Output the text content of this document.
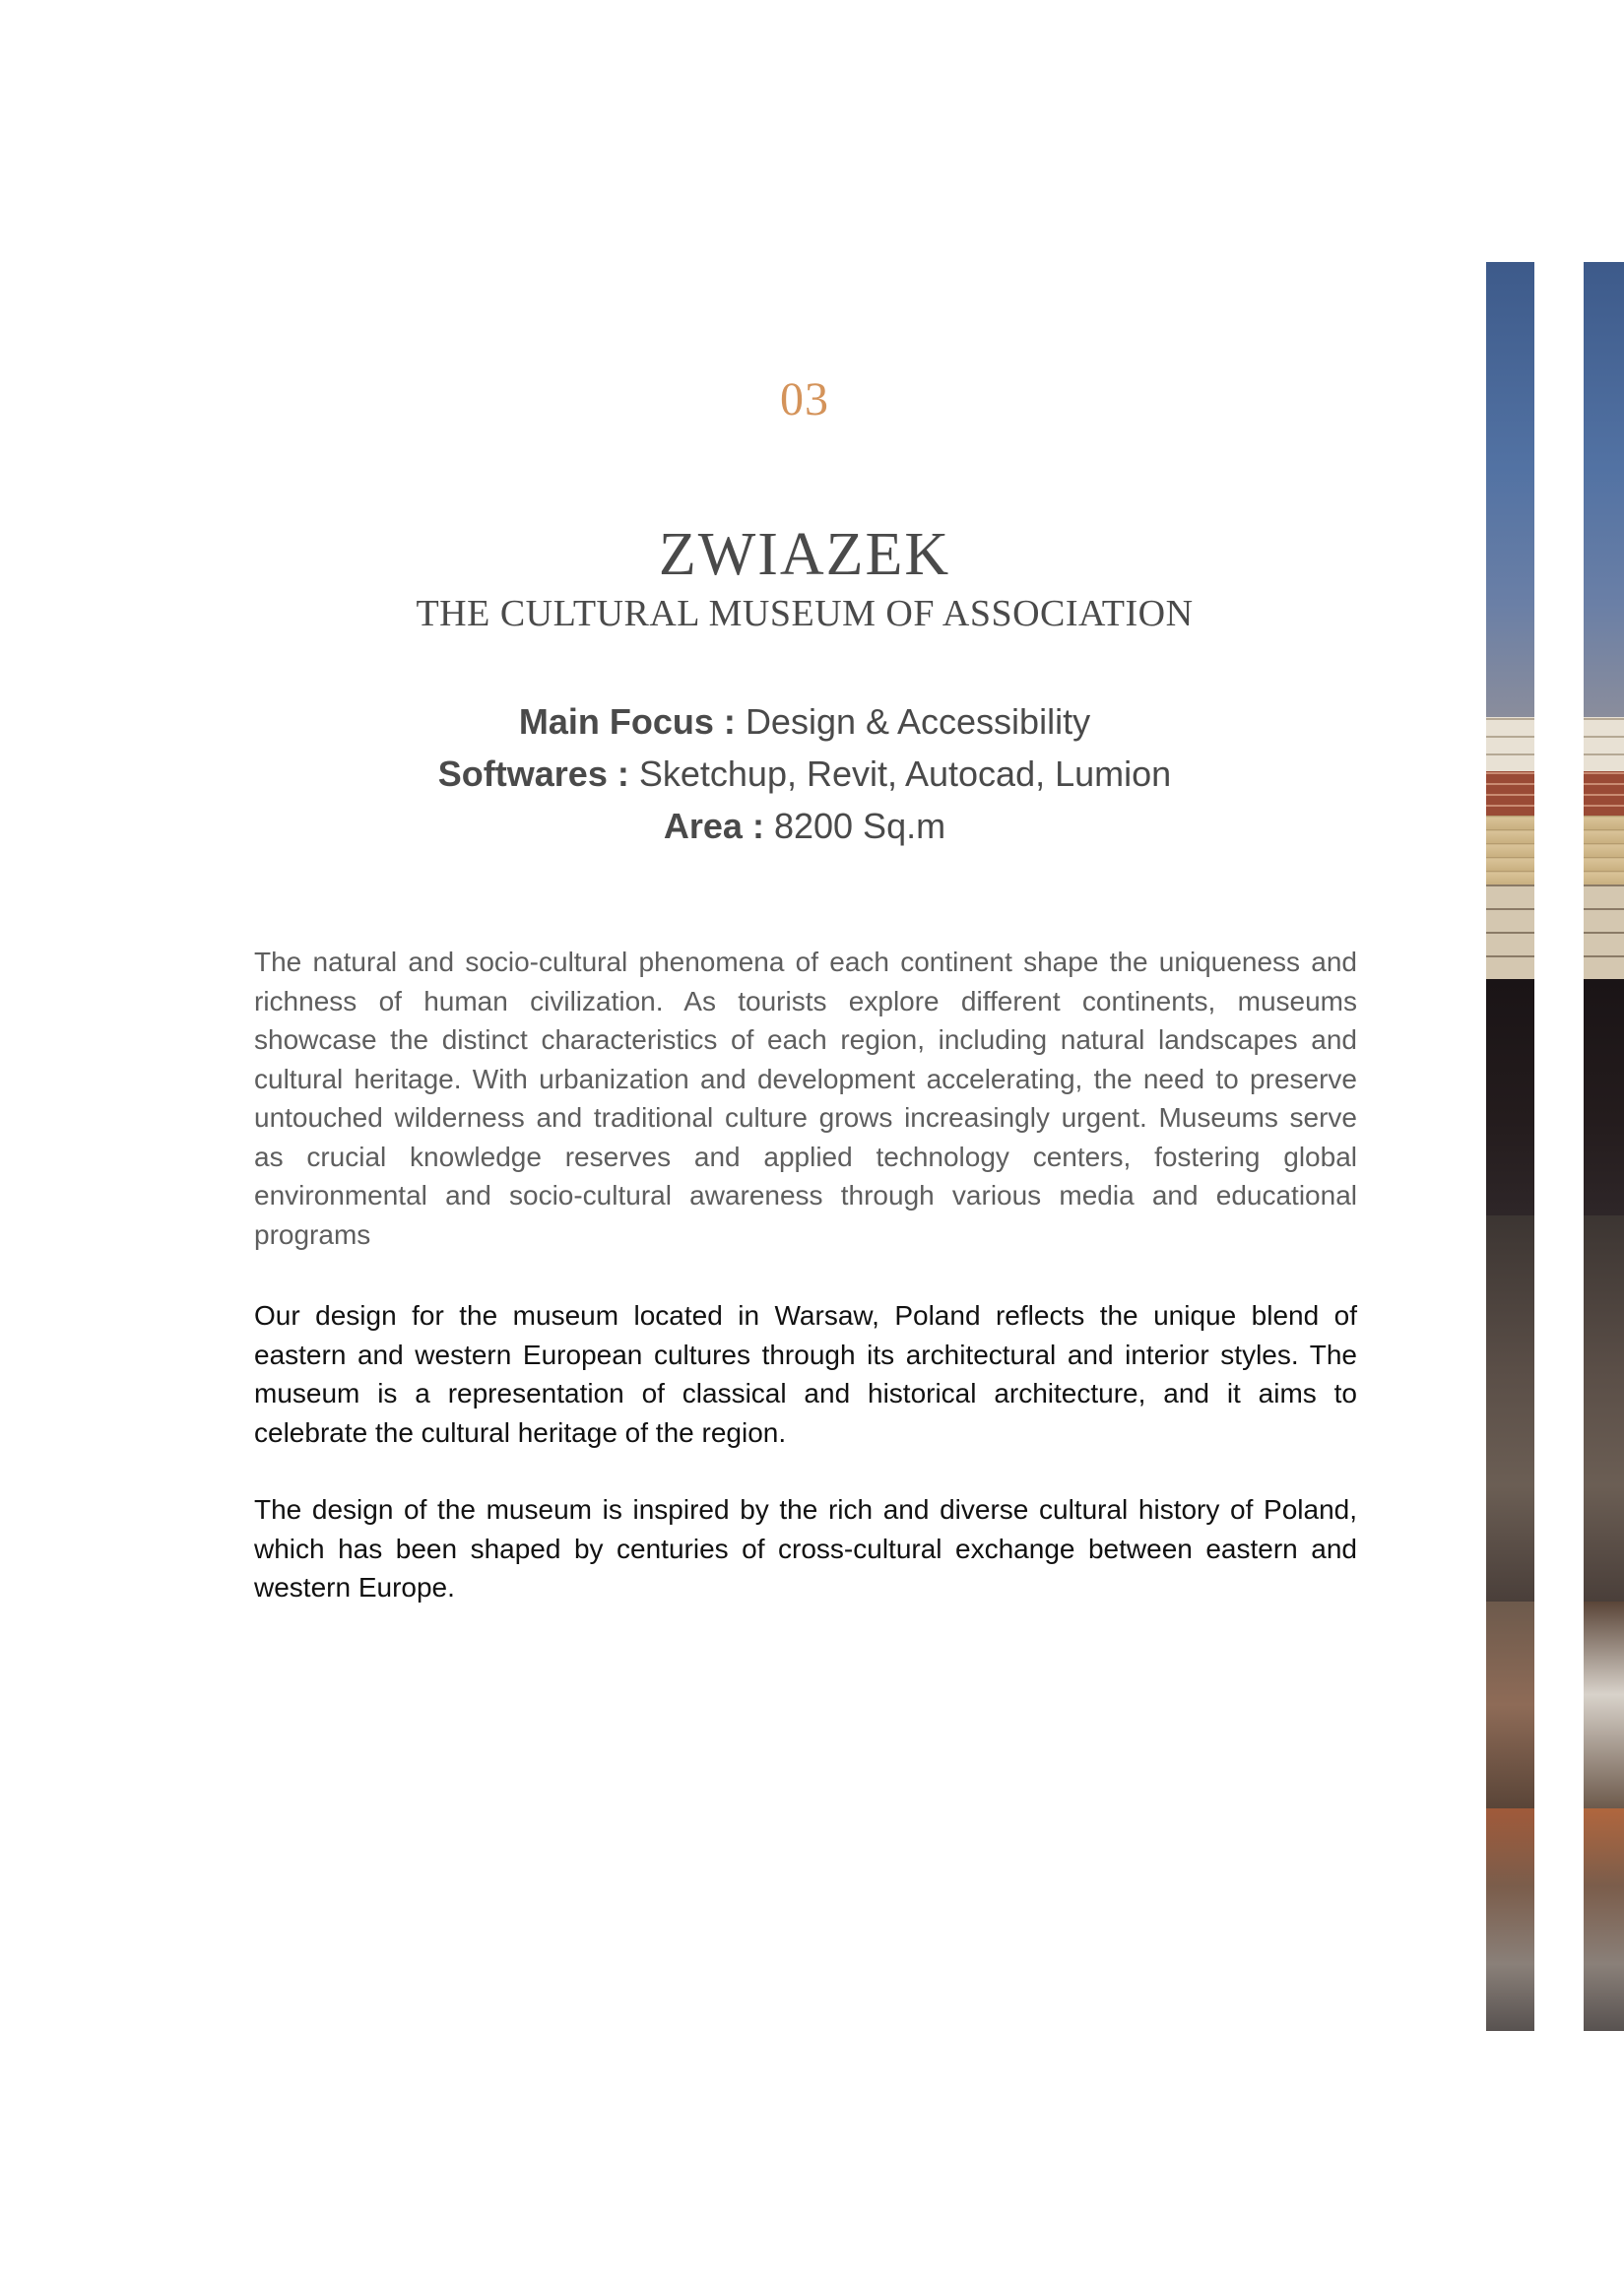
03
ZWIAZEK
THE CULTURAL MUSEUM OF ASSOCIATION
Main Focus : Design & Accessibility
Softwares : Sketchup, Revit, Autocad, Lumion
Area : 8200 Sq.m

The natural and socio-cultural phenomena of each continent shape the uniqueness and richness of human civilization. As tourists explore different continents, museums showcase the distinct characteristics of each region, including natural landscapes and cultural heritage. With urbanization and development accelerating, the need to preserve untouched wilderness and traditional culture grows increasingly urgent. Museums serve as crucial knowledge reserves and applied technology centers, fostering global environmental and socio-cultural awareness through various media and educational programs

Our design for the museum located in Warsaw, Poland reflects the unique blend of eastern and western European cultures through its architectural and interior styles. The museum is a representation of classical and historical architecture, and it aims to celebrate the cultural heritage of the region.

The design of the museum is inspired by the rich and diverse cultural history of Poland, which has been shaped by centuries of cross-cultural exchange between eastern and western Europe.
